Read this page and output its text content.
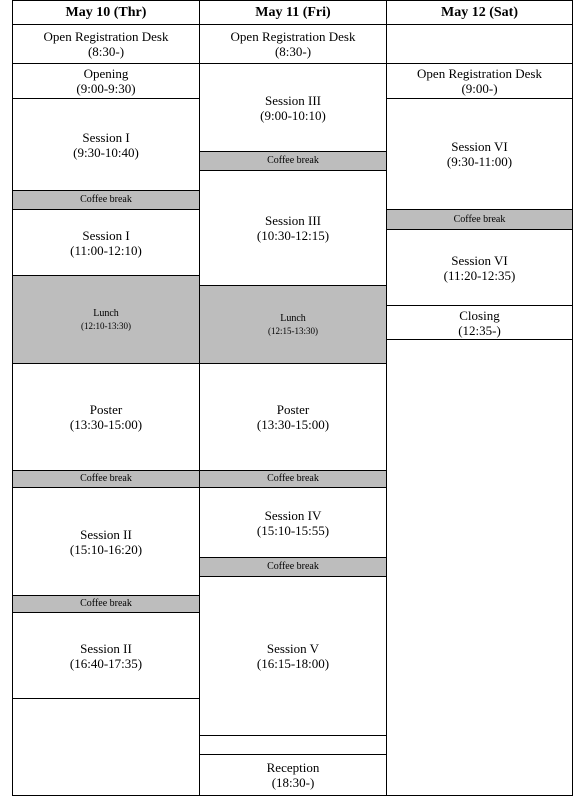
May 10 (Thr)
Open Registration Desk
(8:30-)
Opening
(9:00-9:30)
Session I
(9:30-10:40)
Coffee break
Session I
(11:00-12:10)
Lunch
(12:10-13:30)
Poster
(13:30-15:00)
Coffee break
Session II
(15:10-16:20)
Coffee break
Session II
(16:40-17:35)
May 11 (Fri)
Open Registration Desk
(8:30-)
Session III
(9:00-10:10)
Coffee break
Session III
(10:30-12:15)
Lunch
(12:15-13:30)
Poster
(13:30-15:00)
Coffee break
Session IV
(15:10-15:55)
Coffee break
Session V
(16:15-18:00)
Reception
(18:30-)
May 12 (Sat)
Open Registration Desk
(9:00-)
Session VI
(9:30-11:00)
Coffee break
Session VI
(11:20-12:35)
Closing
(12:35-)
